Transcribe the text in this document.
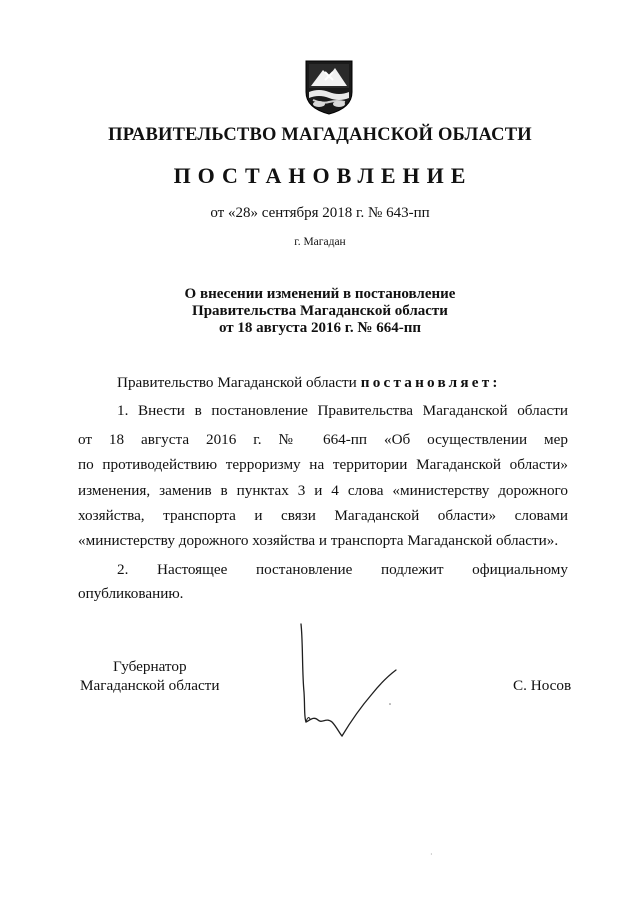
ПРАВИТЕЛЬСТВО МАГАДАНСКОЙ ОБЛАСТИ
ПОСТАНОВЛЕНИЕ
от «28» сентября 2018 г. № 643-пп
г. Магадан
О внесении изменений в постановление
Правительства Магаданской области
от 18 августа 2016 г. № 664-пп
Правительство Магаданской области постановляет:
1. Внести в постановление Правительства Магаданской области
от 18 августа 2016 г. № 664-пп «Об осуществлении мер
по противодействию терроризму на территории Магаданской области»
изменения, заменив в пунктах 3 и 4 слова «министерству дорожного
хозяйства, транспорта и связи Магаданской области» словами
«министерству дорожного хозяйства и транспорта Магаданской области».
2. Настоящее постановление подлежит официальному
опубликованию.
Губернатор
Магаданской области	С. Носов
·
